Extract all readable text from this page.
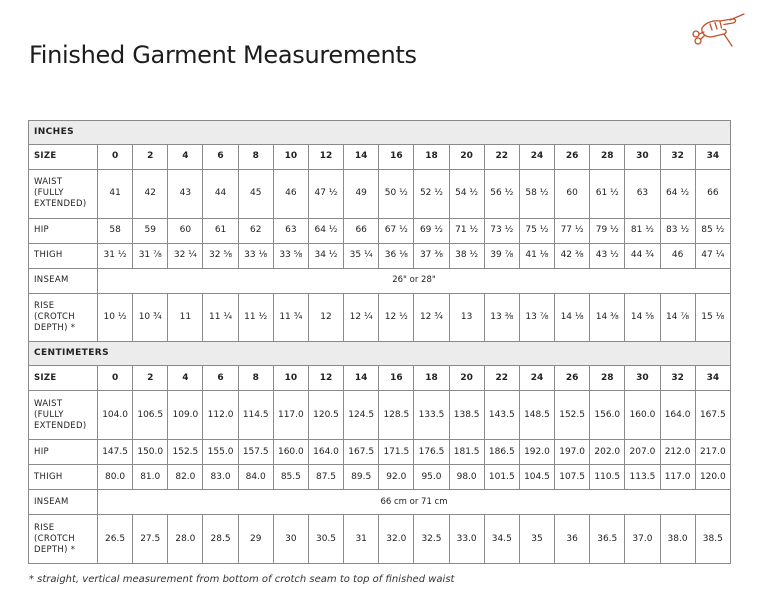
Finished Garment Measurements
INCHES																		
SIZE	0	2	4	6	8	10	12	14	16	18	20	22	24	26	28	30	32	34

WAIST
(FULLY
EXTENDED)	41	42	43	44	45	46	47 ½	49	50 ½	52 ½	54 ½	56 ½	58 ½	60	61 ½	63	64 ½	66

HIP	58	59	60	61	62	63	64 ½	66	67 ½	69 ½	71 ½	73 ½	75 ½	77 ½	79 ½	81 ½	83 ½	85 ½

THIGH	31 ½	31 ⅞	32 ¼	32 ⅝	33 ⅛	33 ⅝	34 ½	35 ¼	36 ⅛	37 ⅜	38 ½	39 ⅞	41 ⅛	42 ⅜	43 ½	44 ¾	46	47 ¼

INSEAM	26" or 28"																	

RISE
(CROTCH
DEPTH) *	10 ½	10 ¾	11	11 ¼	11 ½	11 ¾	12	12 ¼	12 ½	12 ¾	13	13 ⅜	13 ⅞	14 ⅛	14 ⅜	14 ⅝	14 ⅞	15 ⅛
CENTIMETERS																		
SIZE	0	2	4	6	8	10	12	14	16	18	20	22	24	26	28	30	32	34

WAIST
(FULLY
EXTENDED)	104.0	106.5	109.0	112.0	114.5	117.0	120.5	124.5	128.5	133.5	138.5	143.5	148.5	152.5	156.0	160.0	164.0	167.5

HIP	147.5	150.0	152.5	155.0	157.5	160.0	164.0	167.5	171.5	176.5	181.5	186.5	192.0	197.0	202.0	207.0	212.0	217.0

THIGH	80.0	81.0	82.0	83.0	84.0	85.5	87.5	89.5	92.0	95.0	98.0	101.5	104.5	107.5	110.5	113.5	117.0	120.0

INSEAM	66 cm or 71 cm																	

RISE
(CROTCH
DEPTH) *	26.5	27.5	28.0	28.5	29	30	30.5	31	32.0	32.5	33.0	34.5	35	36	36.5	37.0	38.0	38.5

* straight, vertical measurement from bottom of crotch seam to top of finished waist
